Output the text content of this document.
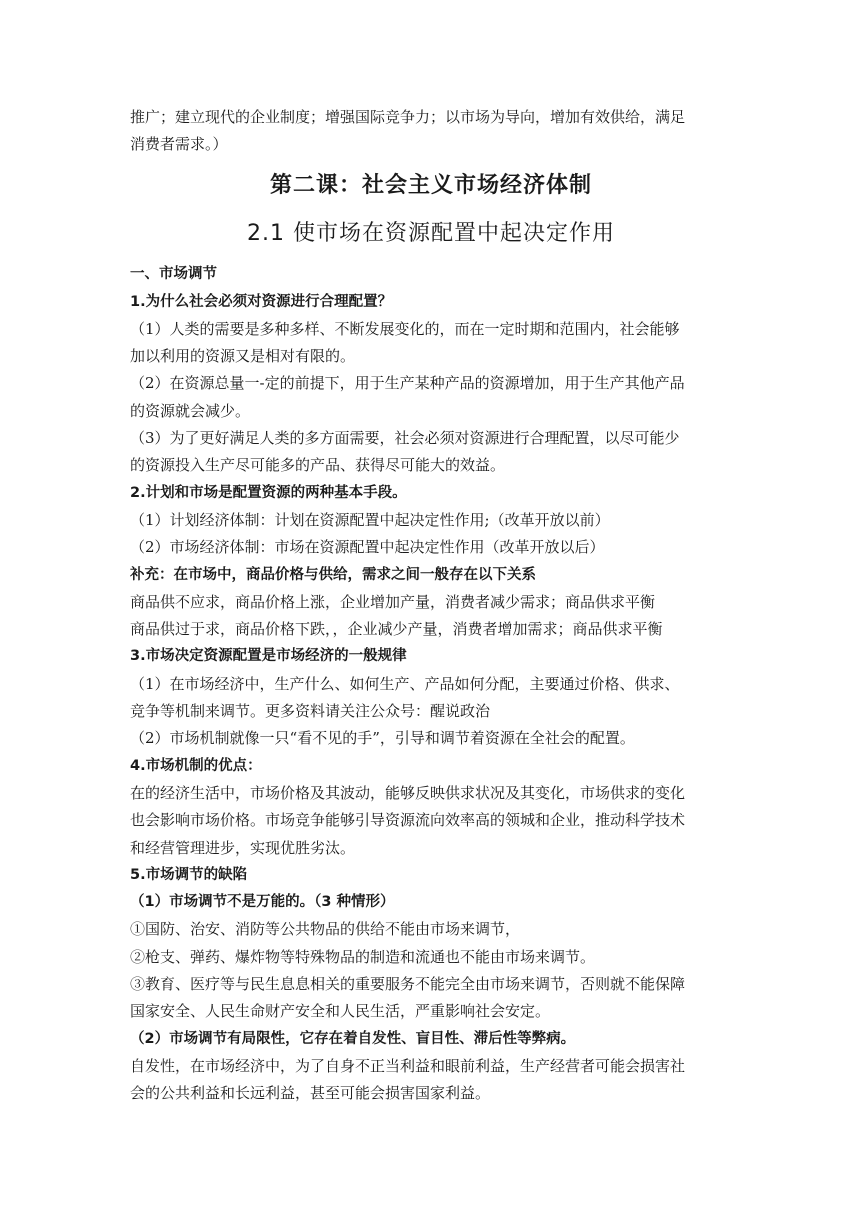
推广；建立现代的企业制度；增强国际竞争力；以市场为导向，增加有效供给，满足
消费者需求。）
第二课：社会主义市场经济体制
2.1 使市场在资源配置中起决定作用
一、市场调节
1.为什么社会必须对资源进行合理配置？
（1）人类的需要是多种多样、不断发展变化的，而在一定时期和范围内，社会能够
加以利用的资源又是相对有限的。
（2）在资源总量一-定的前提下，用于生产某种产品的资源增加，用于生产其他产品
的资源就会减少。
（3）为了更好满足人类的多方面需要，社会必须对资源进行合理配置，以尽可能少
的资源投入生产尽可能多的产品、获得尽可能大的效益。
2.计划和市场是配置资源的两种基本手段。
（1）计划经济体制：计划在资源配置中起决定性作用;（改革开放以前）
（2）市场经济体制：市场在资源配置中起决定性作用（改革开放以后）
补充：在市场中，商品价格与供给，需求之间一般存在以下关系
商品供不应求，商品价格上涨，企业增加产量，消费者减少需求；商品供求平衡
商品供过于求，商品价格下跌，，企业减少产量，消费者增加需求；商品供求平衡
3.市场决定资源配置是市场经济的一般规律
（1）在市场经济中，生产什么、如何生产、产品如何分配，主要通过价格、供求、
竞争等机制来调节。更多资料请关注公众号：醒说政治
（2）市场机制就像一只“看不见的手”，引导和调节着资源在全社会的配置。
4.市场机制的优点：
在的经济生活中，市场价格及其波动，能够反映供求状况及其变化，市场供求的变化
也会影响市场价格。市场竞争能够引导资源流向效率高的领城和企业，推动科学技术
和经营管理进步，实现优胜劣汰。
5.市场调节的缺陷
（1）市场调节不是万能的。（3 种情形）
①国防、治安、消防等公共物品的供给不能由市场来调节，
②枪支、弹药、爆炸物等特殊物品的制造和流通也不能由市场来调节。
③教育、医疗等与民生息息相关的重要服务不能完全由市场来调节，否则就不能保障
国家安全、人民生命财产安全和人民生活，严重影响社会安定。
（2）市场调节有局限性，它存在着自发性、盲目性、滞后性等弊病。
自发性，在市场经济中，为了自身不正当利益和眼前利益，生产经营者可能会损害社
会的公共利益和长远利益，甚至可能会损害国家利益。
